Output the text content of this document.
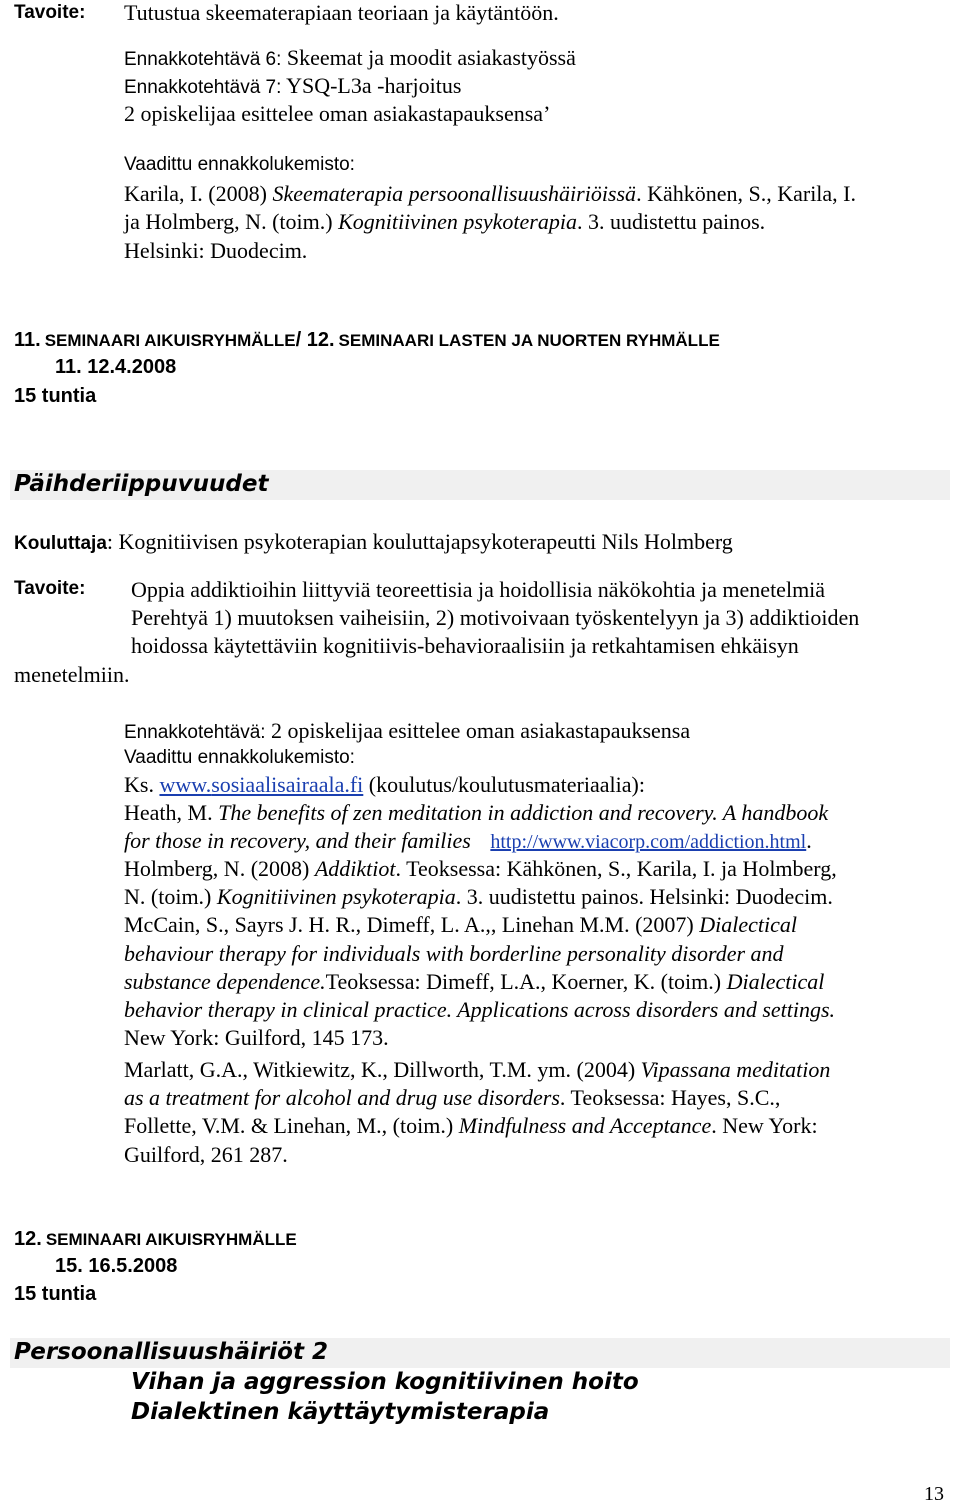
Tavoite: Tutustua skeematerapiaan teoriaan ja käytäntöön.
Ennakkotehtävä 6: Skeemat ja moodit asiakastyössä
Ennakkotehtävä 7: YSQ-L3a -harjoitus
2 opiskelijaa esittelee oman asiakastapauksensa’
Vaadittu ennakkolukemisto:
Karila, I. (2008) Skeematerapia persoonallisuushäiriöissä. Kähkönen, S., Karila, I.
ja Holmberg, N. (toim.) Kognitiivinen psykoterapia. 3. uudistettu painos.
Helsinki: Duodecim.
11. SEMINAARI AIKUISRYHMÄLLE/ 12. SEMINAARI LASTEN JA NUORTEN RYHMÄLLE
11. 12.4.2008
15 tuntia
Päihderiippuvuudet
Kouluttaja: Kognitiivisen psykoterapian kouluttajapsykoterapeutti Nils Holmberg
Tavoite: Oppia addiktioihin liittyviä teoreettisia ja hoidollisia näkökohtia ja menetelmiä
Perehtyä 1) muutoksen vaiheisiin, 2) motivoivaan työskentelyyn ja 3) addiktioiden
hoidossa käytettäviin kognitiivis-behavioraalisiin ja retkahtamisen ehkäisyn
menetelmiin.
Ennakkotehtävä: 2 opiskelijaa esittelee oman asiakastapauksensa
Vaadittu ennakkolukemisto:
Ks. www.sosiaalisairaala.fi (koulutus/koulutusmateriaalia):
Heath, M. The benefits of zen meditation in addiction and recovery. A handbook
for those in recovery, and their families http://www.viacorp.com/addiction.html.
Holmberg, N. (2008) Addiktiot. Teoksessa: Kähkönen, S., Karila, I. ja Holmberg,
N. (toim.) Kognitiivinen psykoterapia. 3. uudistettu painos. Helsinki: Duodecim.
McCain, S., Sayrs J. H. R., Dimeff, L. A.,, Linehan M.M. (2007) Dialectical
behaviour therapy for individuals with borderline personality disorder and
substance dependence.Teoksessa: Dimeff, L.A., Koerner, K. (toim.) Dialectical
behavior therapy in clinical practice. Applications across disorders and settings.
New York: Guilford, 145 173.
Marlatt, G.A., Witkiewitz, K., Dillworth, T.M. ym. (2004) Vipassana meditation
as a treatment for alcohol and drug use disorders. Teoksessa: Hayes, S.C.,
Follette, V.M. & Linehan, M., (toim.) Mindfulness and Acceptance. New York:
Guilford, 261 287.
12. SEMINAARI AIKUISRYHMÄLLE
15. 16.5.2008
15 tuntia
Persoonallisuushäiriöt 2
Vihan ja aggression kognitiivinen hoito
Dialektinen käyttäytymisterapia
13
